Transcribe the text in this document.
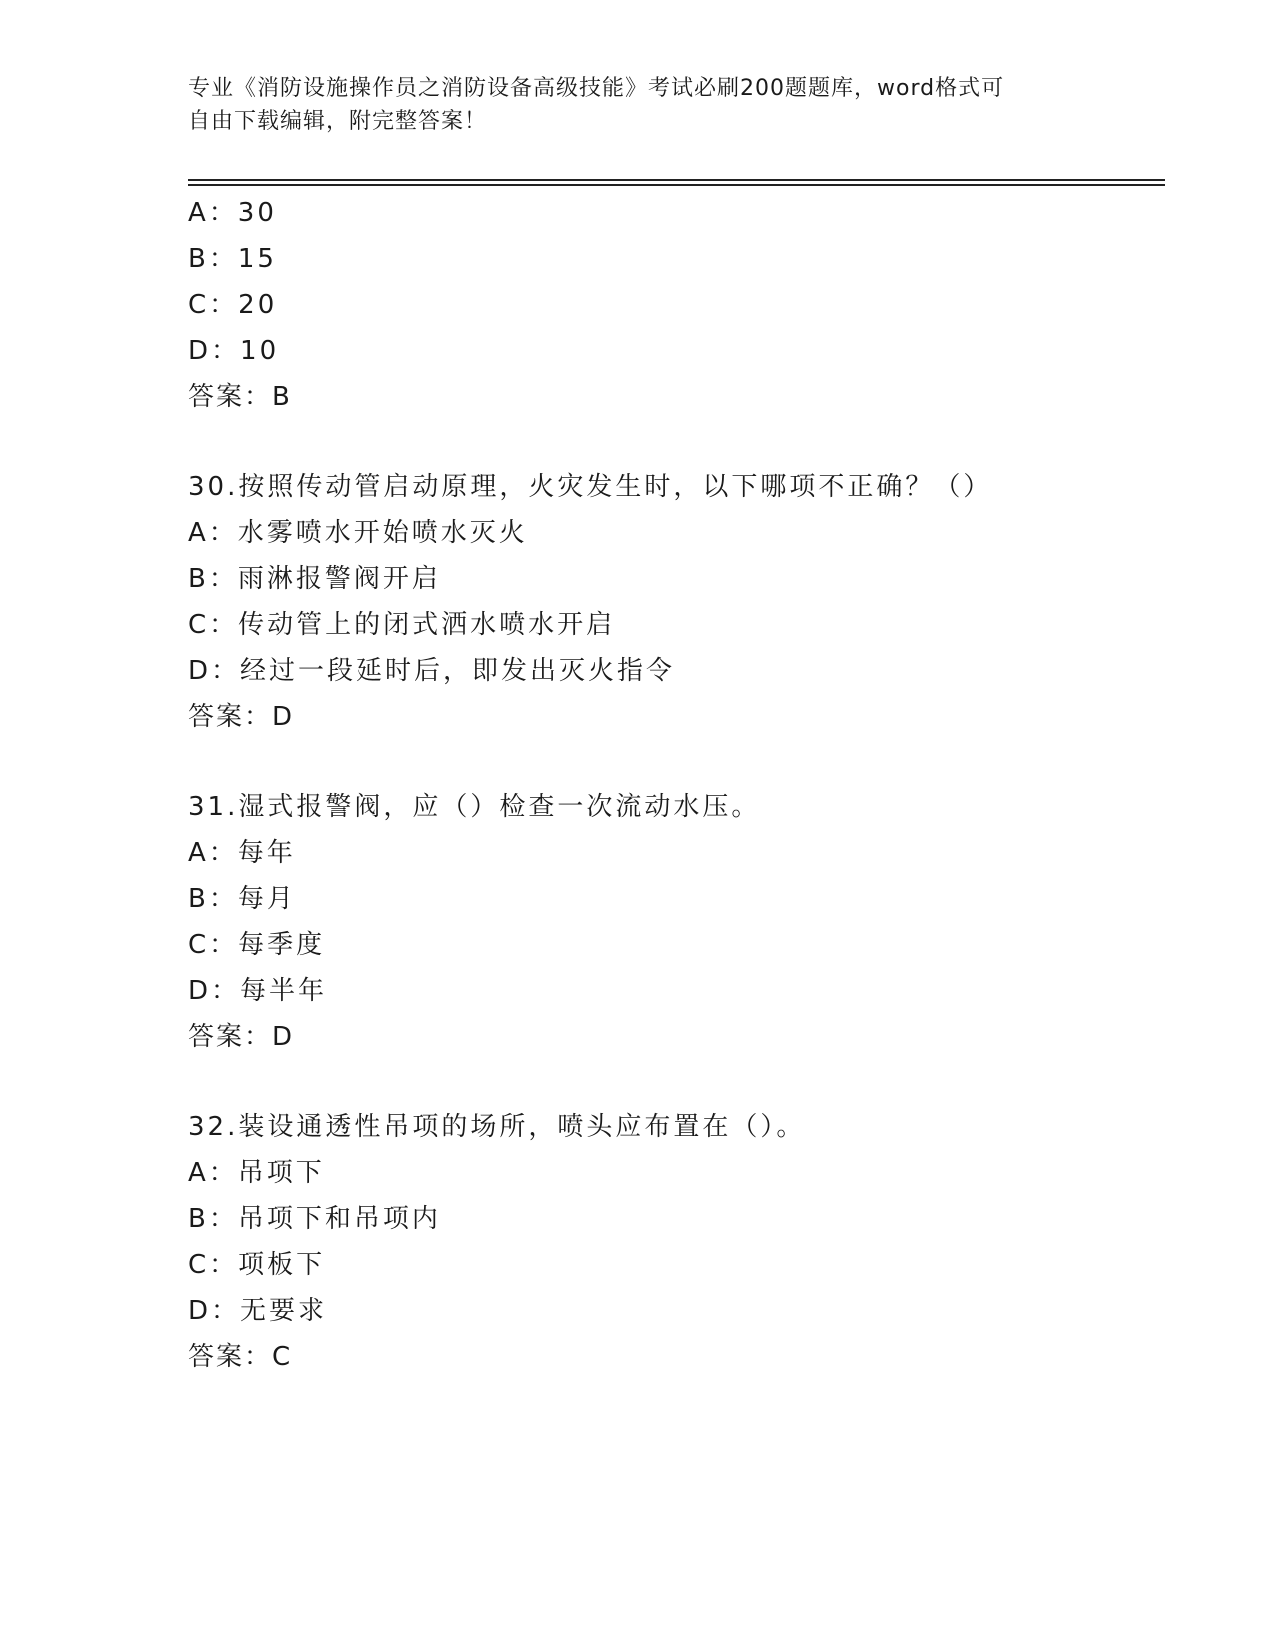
专业《消防设施操作员之消防设备高级技能》考试必刷200题题库，word格式可
自由下载编辑，附完整答案！
A：30
B：15
C：20
D：10
答案：B
30.按照传动管启动原理，火灾发生时，以下哪项不正确？（）
A：水雾喷水开始喷水灭火
B：雨淋报警阀开启
C：传动管上的闭式洒水喷水开启
D：经过一段延时后，即发出灭火指令
答案：D
31.湿式报警阀，应（）检查一次流动水压。
A：每年
B：每月
C：每季度
D：每半年
答案：D
32.装设通透性吊项的场所，喷头应布置在（）。
A：吊项下
B：吊项下和吊项内
C：项板下
D：无要求
答案：C
